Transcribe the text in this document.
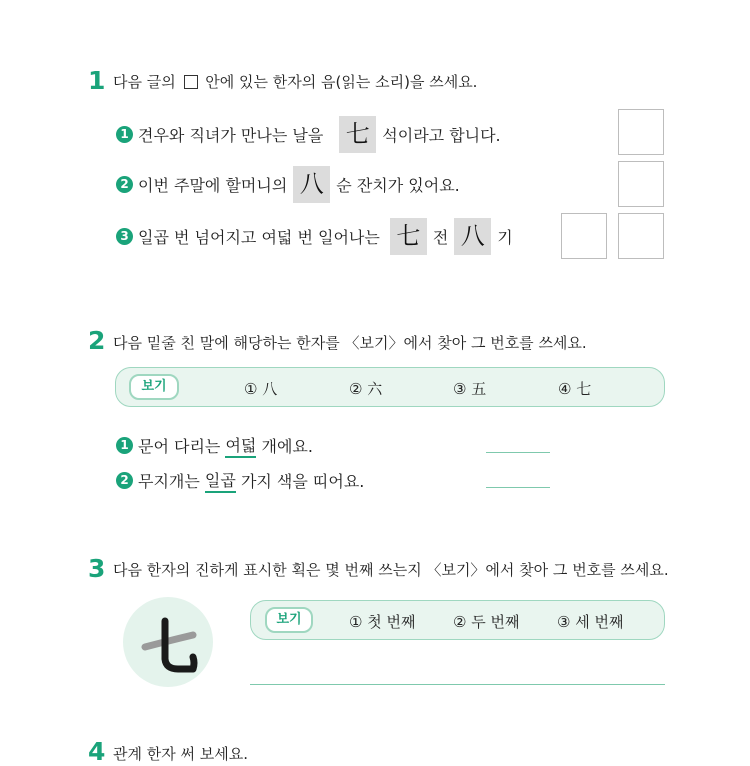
1 다음 글의 안에 있는 한자의 음(읽는 소리)을 쓰세요.
1 견우와 직녀가 만나는 날을 七 석이라고 합니다.
2 이번 주말에 할머니의 八 순 잔치가 있어요.
3 일곱 번 넘어지고 여덟 번 일어나는 七 전 八 기
2 다음 밑줄 친 말에 해당하는 한자를 〈보기〉에서 찾아 그 번호를 쓰세요.
보기	① 八	② 六	③ 五	④ 七
1 문어 다리는
여덟
개에요.
2 무지개는
일곱
가지 색을 띠어요.
3 다음 한자의 진하게 표시한 획은 몇 번째 쓰는지 〈보기〉에서 찾아 그 번호를 쓰세요.
七
보기	① 첫 번째	② 두 번째	③ 세 번째
4 관계 한자 써 보세요.
